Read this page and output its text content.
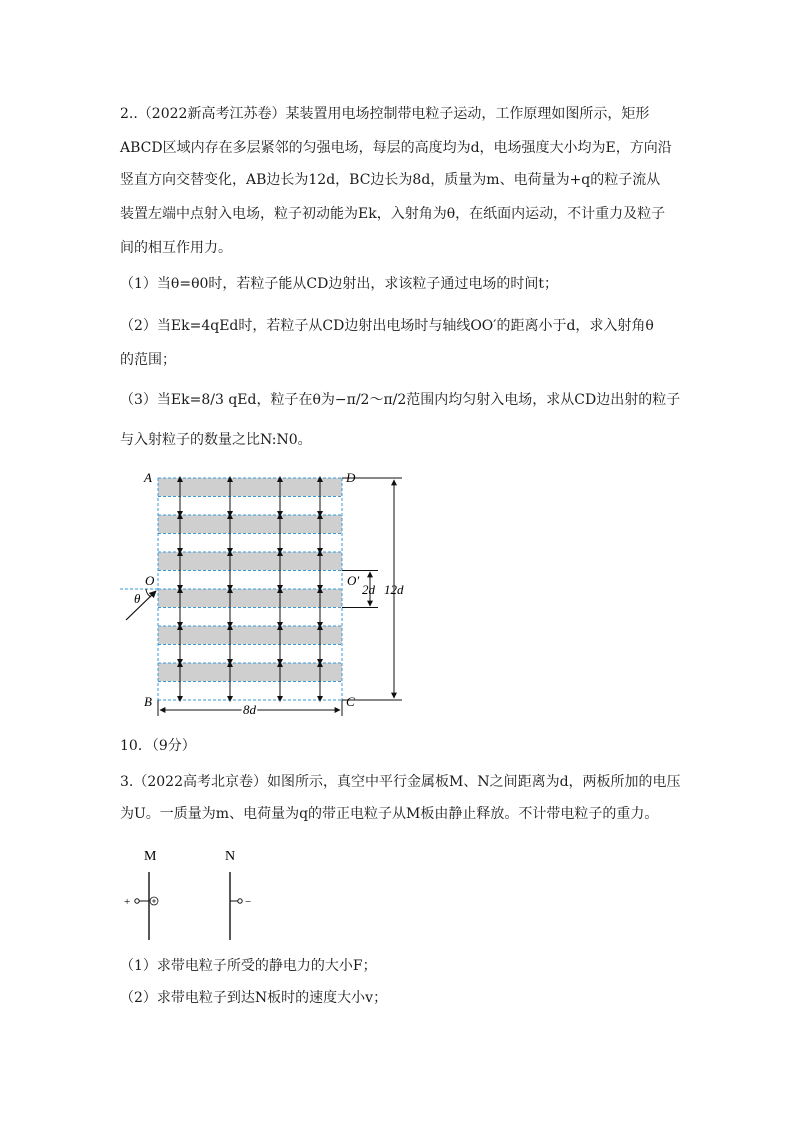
2..（2022新高考江苏卷）某装置用电场控制带电粒子运动，工作原理如图所示，矩形
ABCD区域内存在多层紧邻的匀强电场，每层的高度均为d，电场强度大小均为E，方向沿
竖直方向交替变化，AB边长为12d，BC边长为8d，质量为m、电荷量为+q的粒子流从
装置左端中点射入电场，粒子初动能为Ek，入射角为θ，在纸面内运动，不计重力及粒子
间的相互作用力。
（1）当θ=θ0时，若粒子能从CD边射出，求该粒子通过电场的时间t；
（2）当Ek=4qEd时，若粒子从CD边射出电场时与轴线OO′的距离小于d，求入射角θ
的范围；
（3）当Ek=8/3 qEd，粒子在θ为−π/2～π/2范围内均匀射入电场，求从CD边出射的粒子
与入射粒子的数量之比N:N0。
A	D
B	C
O	O′
θ
2d 12d
8d
10．（9分）
3.（2022高考北京卷）如图所示，真空中平行金属板M、N之间距离为d，两板所加的电压
为U。一质量为m、电荷量为q的带正电粒子从M板由静止释放。不计带电粒子的重力。
M	N
+	−
（1）求带电粒子所受的静电力的大小F；
（2）求带电粒子到达N板时的速度大小v；
